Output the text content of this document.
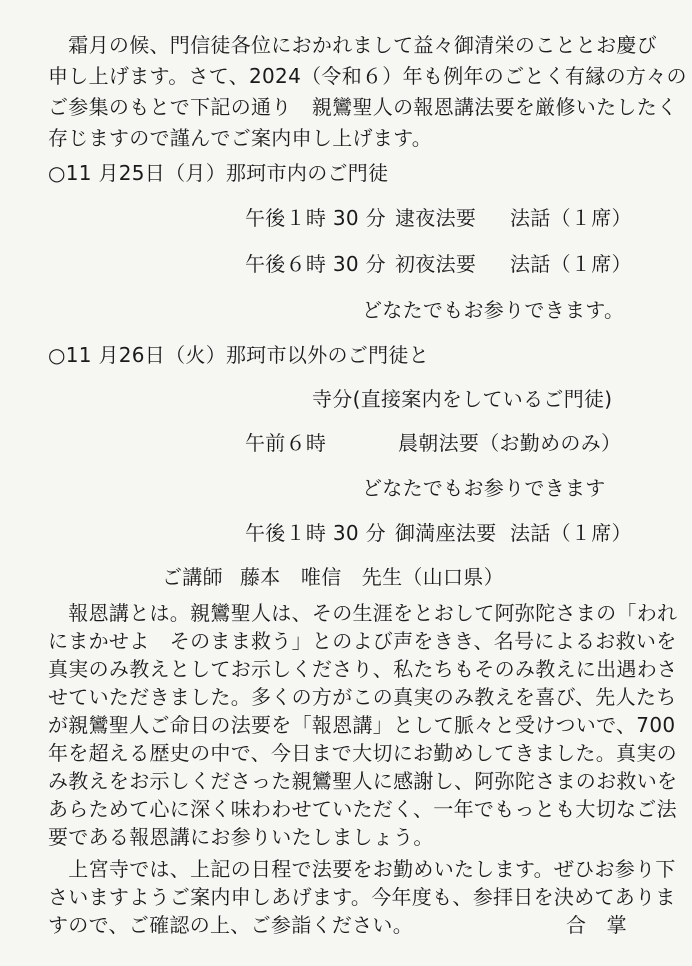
　霜月の候、門信徒各位におかれまして益々御清栄のこととお慶び
申し上げます。さて、2024（令和６）年も例年のごとく有縁の方々の
ご参集のもとで下記の通り　親鸞聖人の報恩講法要を厳修いたしたく
存じますので謹んでご案内申し上げます。
○11 月25日（月）那珂市内のご門徒
午後１時 30 分 逮夜法要 法話（１席）
午後６時 30 分 初夜法要 法話（１席）
どなたでもお参りできます。
○11 月26日（火）那珂市以外のご門徒と
寺分(直接案内をしているご門徒)
午前６時	晨朝法要（お勤めのみ）
どなたでもお参りできます
午後１時 30 分 御満座法要 法話（１席）
ご講師 藤本　唯信　先生（山口県）
　報恩講とは。親鸞聖人は、その生涯をとおして阿弥陀さまの「われ
にまかせよ　そのまま救う」とのよび声をきき、名号によるお救いを
真実のみ教えとしてお示しくださり、私たちもそのみ教えに出遇わさ
せていただきました。多くの方がこの真実のみ教えを喜び、先人たち
が親鸞聖人ご命日の法要を「報恩講」として脈々と受けついで、700
年を超える歴史の中で、今日まで大切にお勤めしてきました。真実の
み教えをお示しくださった親鸞聖人に感謝し、阿弥陀さまのお救いを
あらためて心に深く味わわせていただく、一年でもっとも大切なご法
要である報恩講にお参りいたしましょう。
　上宮寺では、上記の日程で法要をお勤めいたします。ぜひお参り下
さいますようご案内申しあげます。今年度も、参拝日を決めてありま
すので、ご確認の上、ご参詣ください。	合　掌
